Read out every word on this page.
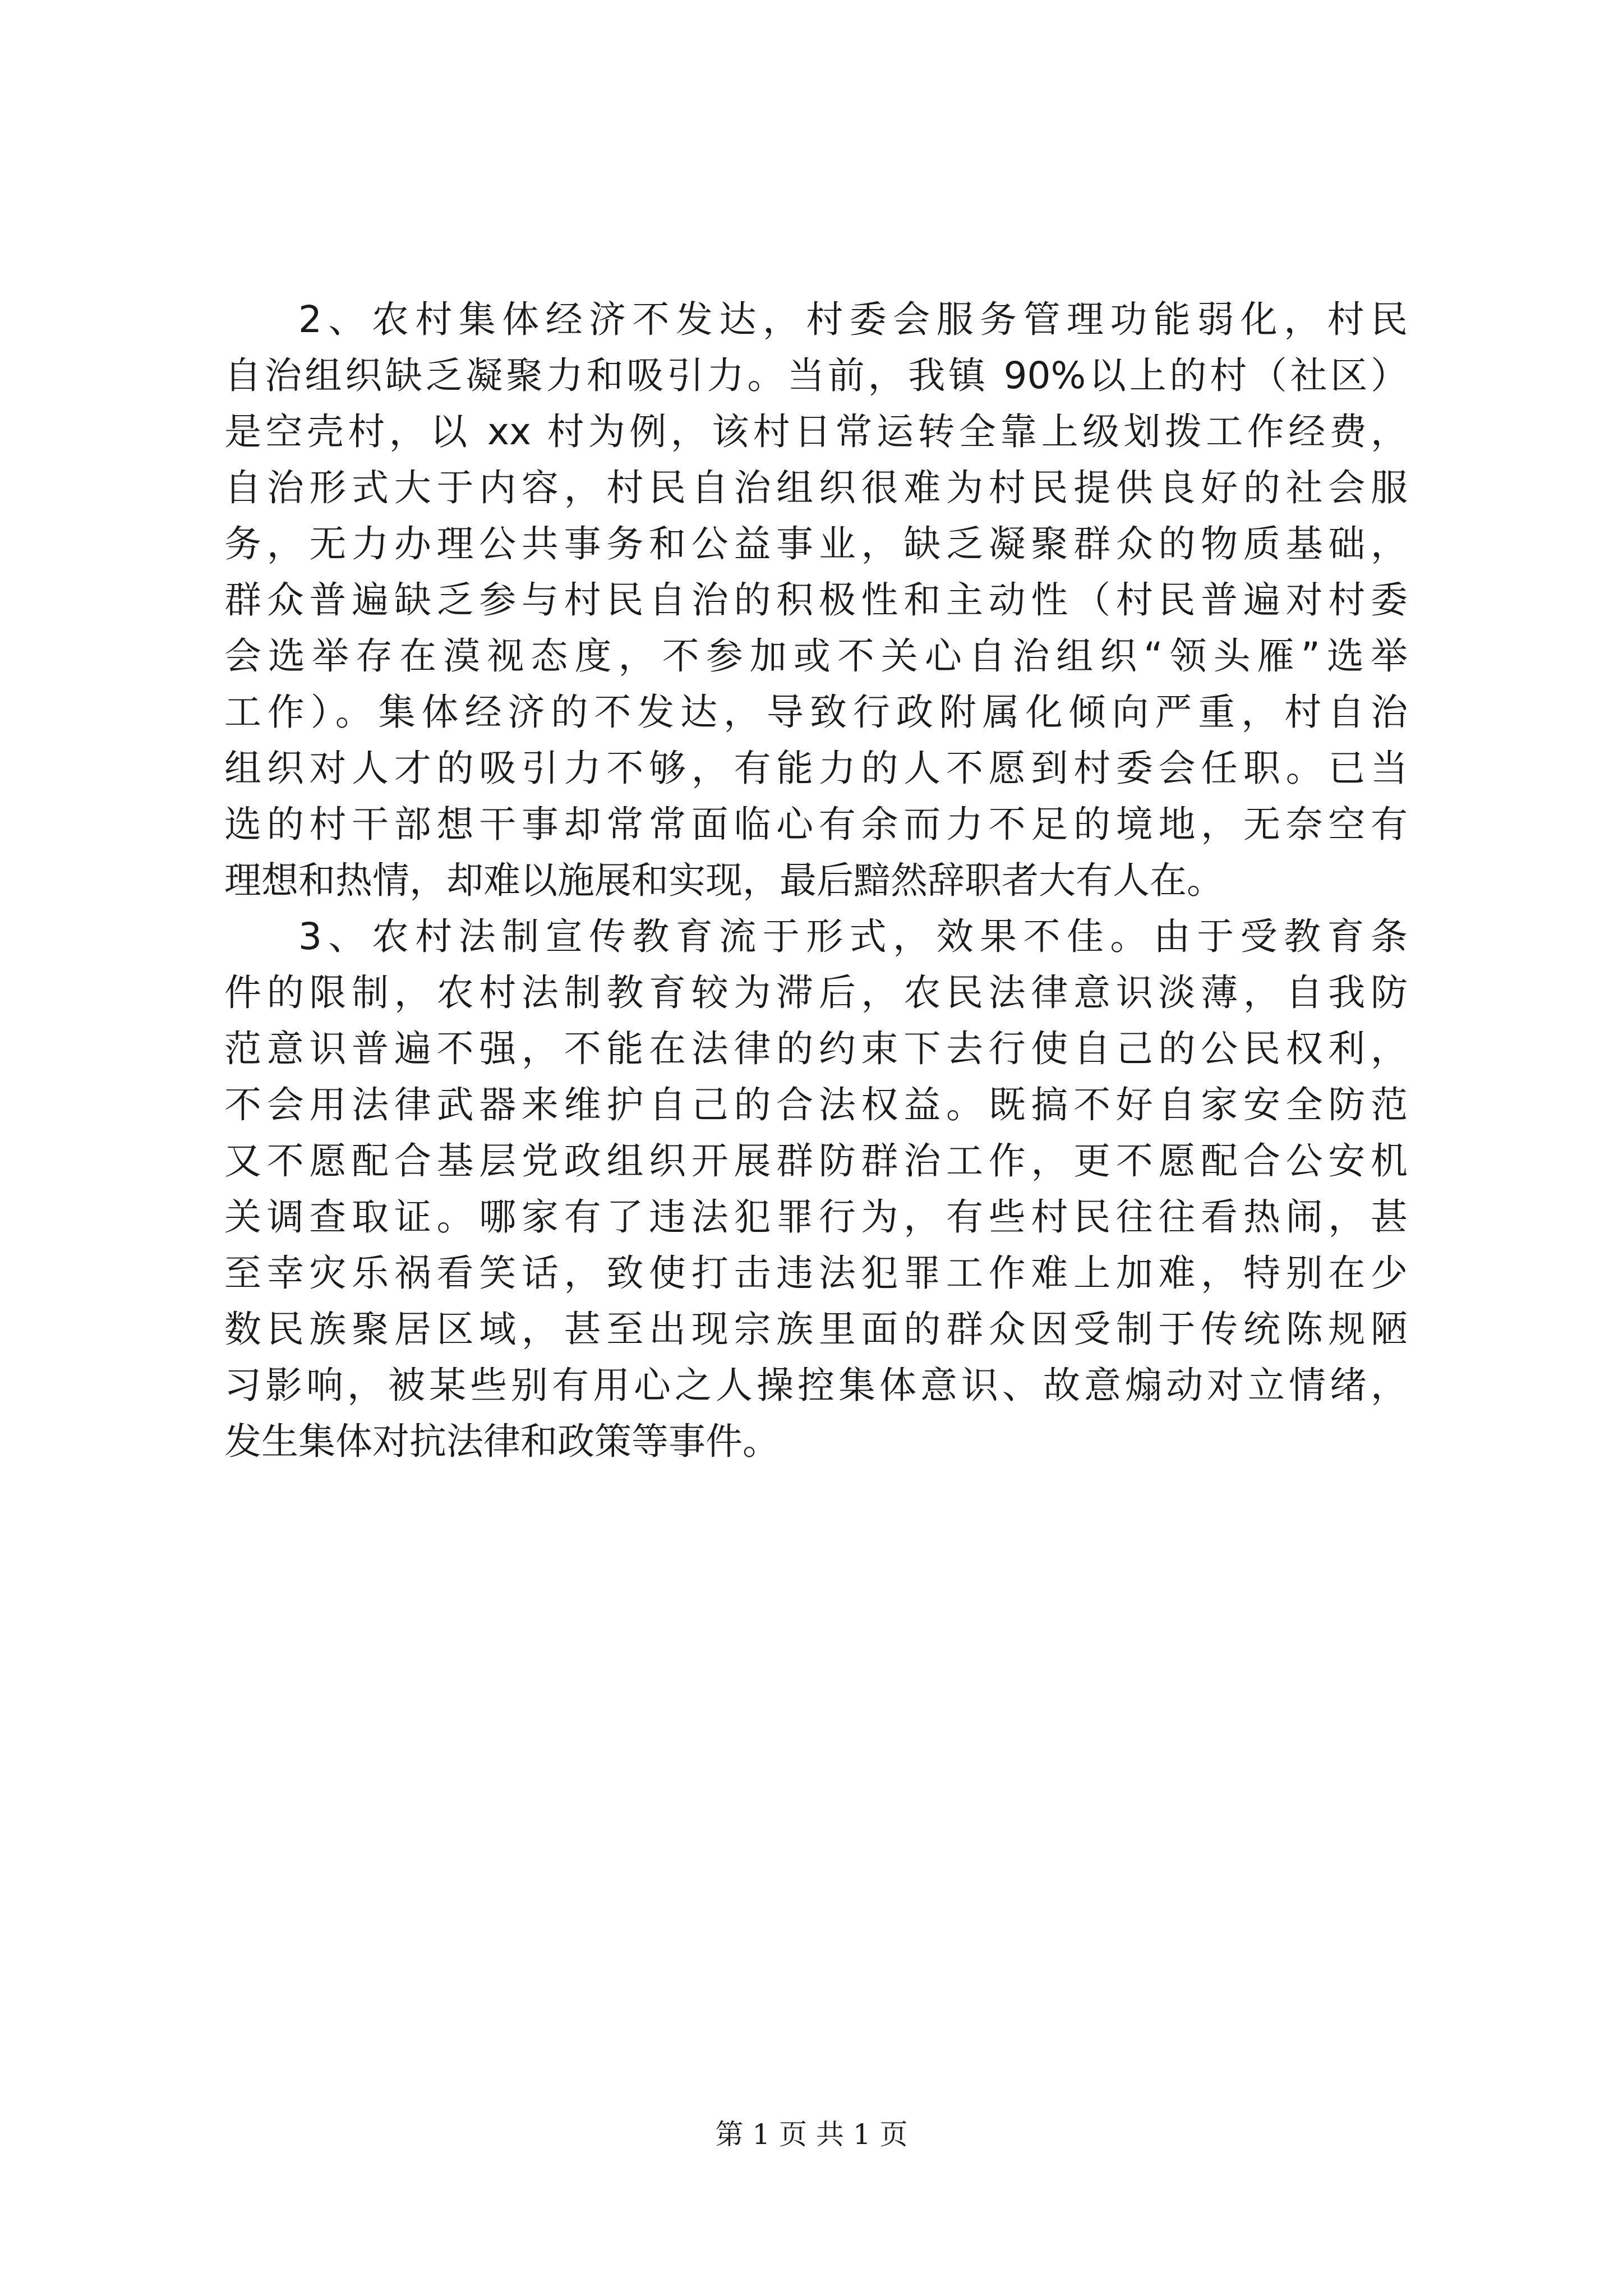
2、农村集体经济不发达，村委会服务管理功能弱化，村民
自治组织缺乏凝聚力和吸引力。当前，我镇 90%以上的村（社区）
是空壳村，以 xx 村为例，该村日常运转全靠上级划拨工作经费，
自治形式大于内容，村民自治组织很难为村民提供良好的社会服
务，无力办理公共事务和公益事业，缺乏凝聚群众的物质基础，
群众普遍缺乏参与村民自治的积极性和主动性（村民普遍对村委
会选举存在漠视态度，不参加或不关心自治组织“领头雁”选举
工作）。集体经济的不发达，导致行政附属化倾向严重，村自治
组织对人才的吸引力不够，有能力的人不愿到村委会任职。已当
选的村干部想干事却常常面临心有余而力不足的境地，无奈空有
理想和热情，却难以施展和实现，最后黯然辞职者大有人在。
3、农村法制宣传教育流于形式，效果不佳。由于受教育条
件的限制，农村法制教育较为滞后，农民法律意识淡薄，自我防
范意识普遍不强，不能在法律的约束下去行使自己的公民权利，
不会用法律武器来维护自己的合法权益。既搞不好自家安全防范
又不愿配合基层党政组织开展群防群治工作，更不愿配合公安机
关调查取证。哪家有了违法犯罪行为，有些村民往往看热闹，甚
至幸灾乐祸看笑话，致使打击违法犯罪工作难上加难，特别在少
数民族聚居区域，甚至出现宗族里面的群众因受制于传统陈规陋
习影响，被某些别有用心之人操控集体意识、故意煽动对立情绪，
发生集体对抗法律和政策等事件。
第 1 页 共 1 页
